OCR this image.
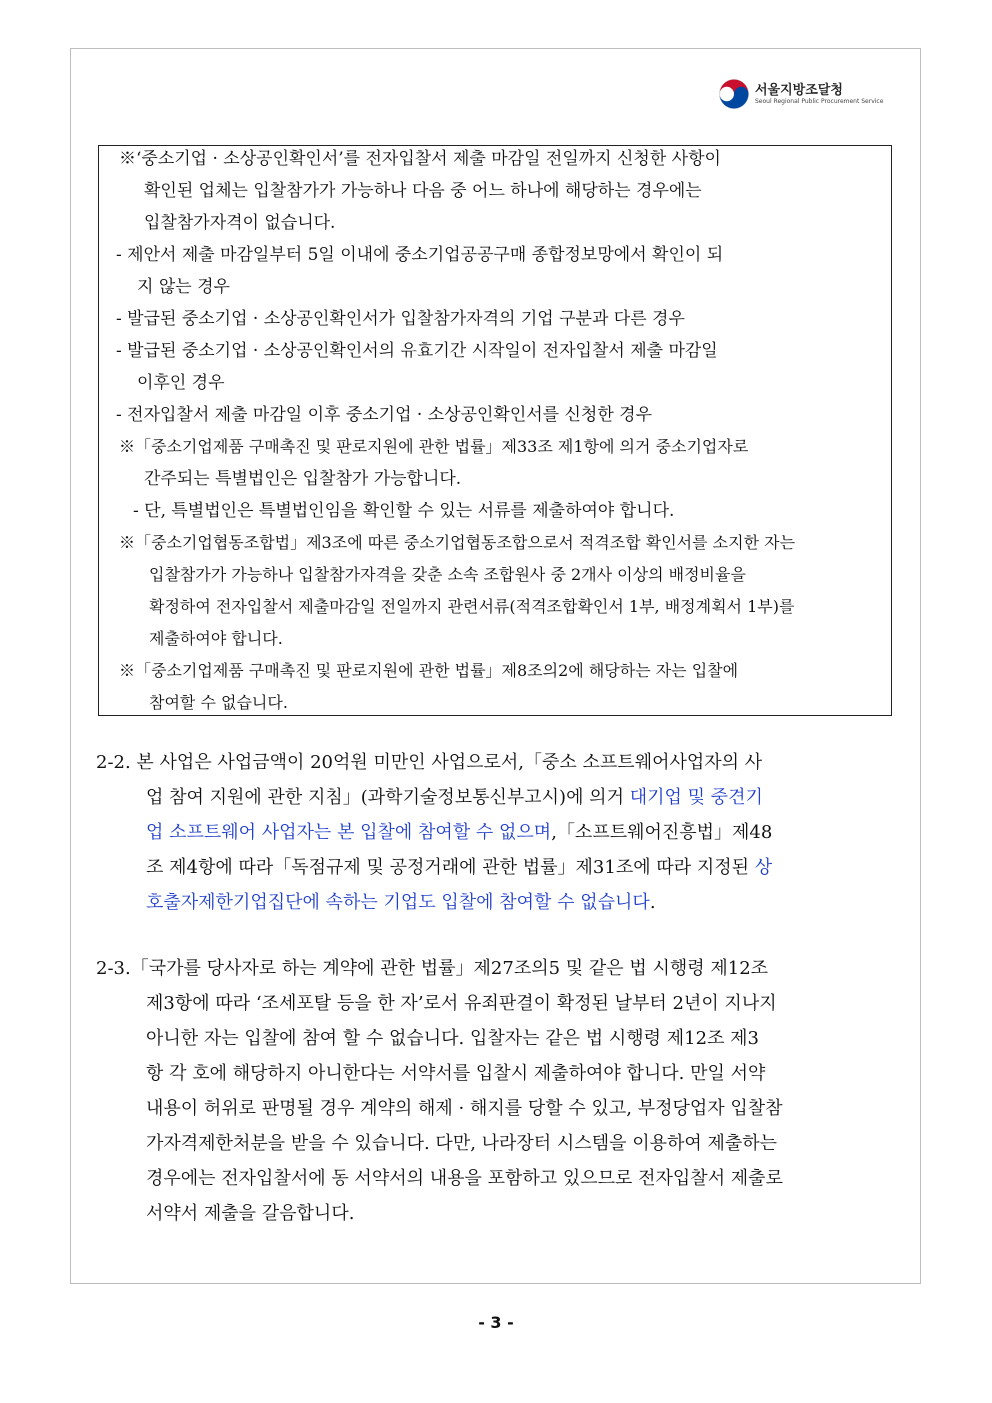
서울지방조달청
Seoul Regional Public Procurement Service
※‘중소기업 · 소상공인확인서’를 전자입찰서 제출 마감일 전일까지 신청한 사항이
확인된 업체는 입찰참가가 가능하나 다음 중 어느 하나에 해당하는 경우에는
입찰참가자격이 없습니다.
- 제안서 제출 마감일부터 5일 이내에 중소기업공공구매 종합정보망에서 확인이 되
지 않는 경우
- 발급된 중소기업 · 소상공인확인서가 입찰참가자격의 기업 구분과 다른 경우
- 발급된 중소기업 · 소상공인확인서의 유효기간 시작일이 전자입찰서 제출 마감일
이후인 경우
- 전자입찰서 제출 마감일 이후 중소기업 · 소상공인확인서를 신청한 경우
※「중소기업제품 구매촉진 및 판로지원에 관한 법률」제33조 제1항에 의거 중소기업자로
간주되는 특별법인은 입찰참가 가능합니다.
- 단, 특별법인은 특별법인임을 확인할 수 있는 서류를 제출하여야 합니다.
※「중소기업협동조합법」제3조에 따른 중소기업협동조합으로서 적격조합 확인서를 소지한 자는
입찰참가가 가능하나 입찰참가자격을 갖춘 소속 조합원사 중 2개사 이상의 배정비율을
확정하여 전자입찰서 제출마감일 전일까지 관련서류(적격조합확인서 1부, 배정계획서 1부)를
제출하여야 합니다.
※「중소기업제품 구매촉진 및 판로지원에 관한 법률」제8조의2에 해당하는 자는 입찰에
참여할 수 없습니다.
2-2. 본 사업은 사업금액이 20억원 미만인 사업으로서,「중소 소프트웨어사업자의 사
업 참여 지원에 관한 지침」(과학기술정보통신부고시)에 의거 대기업 및 중견기
업 소프트웨어 사업자는 본 입찰에 참여할 수 없으며,「소프트웨어진흥법」제48
조 제4항에 따라「독점규제 및 공정거래에 관한 법률」제31조에 따라 지정된 상
호출자제한기업집단에 속하는 기업도 입찰에 참여할 수 없습니다.
2-3.「국가를 당사자로 하는 계약에 관한 법률」제27조의5 및 같은 법 시행령 제12조
제3항에 따라 ‘조세포탈 등을 한 자’로서 유죄판결이 확정된 날부터 2년이 지나지
아니한 자는 입찰에 참여 할 수 없습니다. 입찰자는 같은 법 시행령 제12조 제3
항 각 호에 해당하지 아니한다는 서약서를 입찰시 제출하여야 합니다. 만일 서약
내용이 허위로 판명될 경우 계약의 해제 · 해지를 당할 수 있고, 부정당업자 입찰참
가자격제한처분을 받을 수 있습니다. 다만, 나라장터 시스템을 이용하여 제출하는
경우에는 전자입찰서에 동 서약서의 내용을 포함하고 있으므로 전자입찰서 제출로
서약서 제출을 갈음합니다.
- 3 -
